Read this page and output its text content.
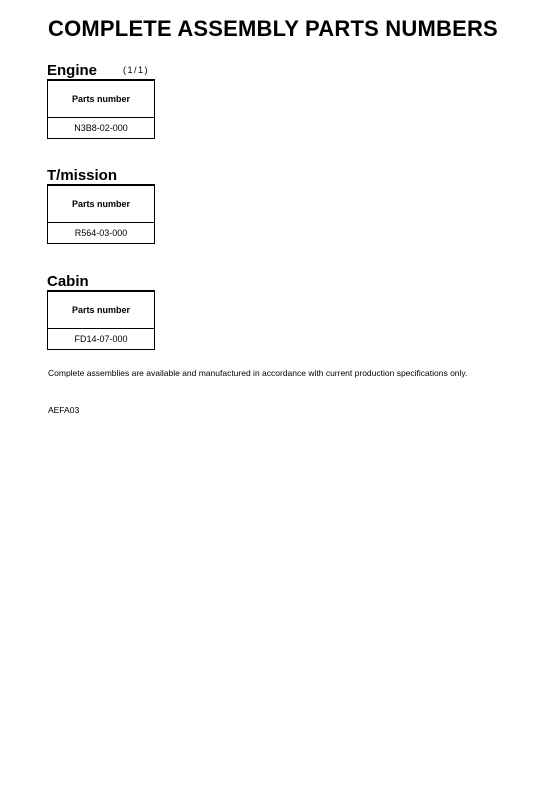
COMPLETE ASSEMBLY PARTS NUMBERS
Engine	(1/1)
Parts number
N3B8-02-000
T/mission
Parts number
R564-03-000
Cabin
Parts number
FD14-07-000
Complete assemblies are available and manufactured in accordance with current production specifications only.
AEFA03
